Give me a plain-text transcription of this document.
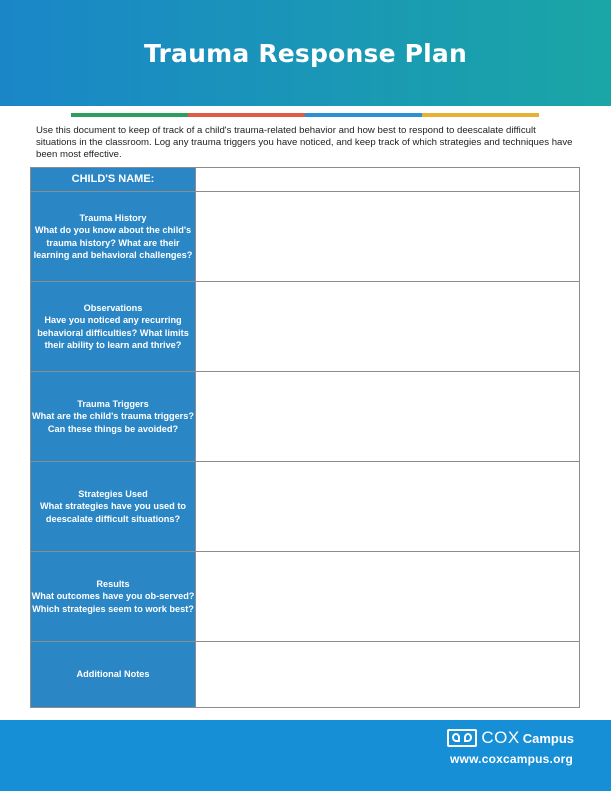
Trauma Response Plan

Use this document to keep of track of a child's trauma-related behavior and how best to respond to deescalate difficult situations in the classroom. Log any trauma triggers you have noticed, and keep track of which strategies and techniques have been most effective.

CHILD'S NAME:	

Trauma History
What do you know about the child's trauma history? What are their learning and behavioral challenges?	

Observations
Have you noticed any recurring behavioral difficulties? What limits their ability to learn and thrive?	

Trauma Triggers
What are the child's trauma triggers? Can these things be avoided?	

Strategies Used
What strategies have you used to deescalate difficult situations?	

Results
What outcomes have you ob-served? Which strategies seem to work best?	

Additional Notes	

COX Campus
www.coxcampus.org
